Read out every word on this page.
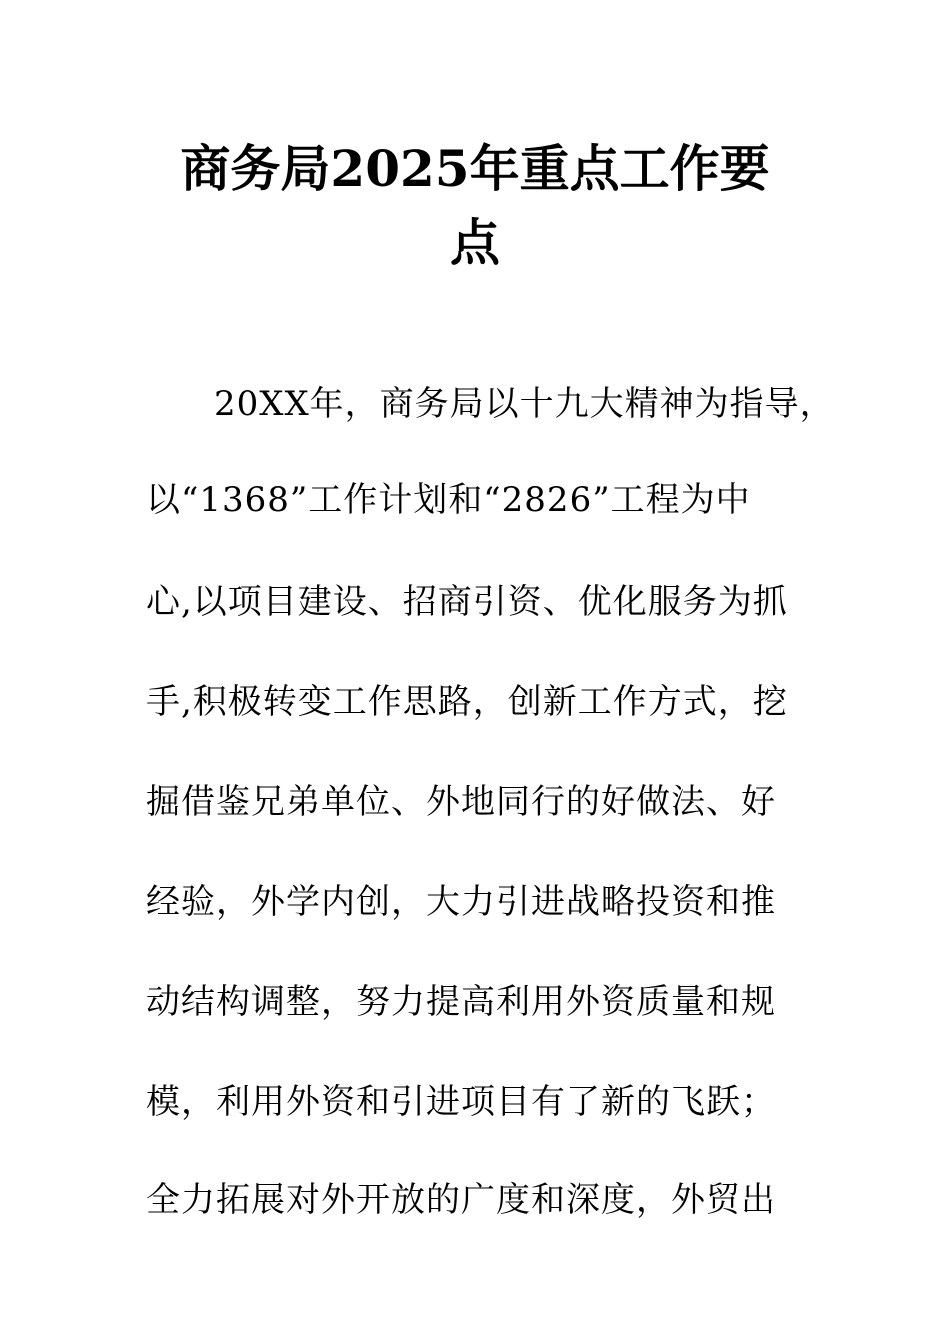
商务局2025年重点工作要
点

20XX年，商务局以十九大精神为指导，

以“1368”工作计划和“2826”工程为中

心,以项目建设、招商引资、优化服务为抓

手,积极转变工作思路，创新工作方式，挖

掘借鉴兄弟单位、外地同行的好做法、好

经验，外学内创，大力引进战略投资和推

动结构调整，努力提高利用外资质量和规

模，利用外资和引进项目有了新的飞跃；

全力拓展对外开放的广度和深度，外贸出
